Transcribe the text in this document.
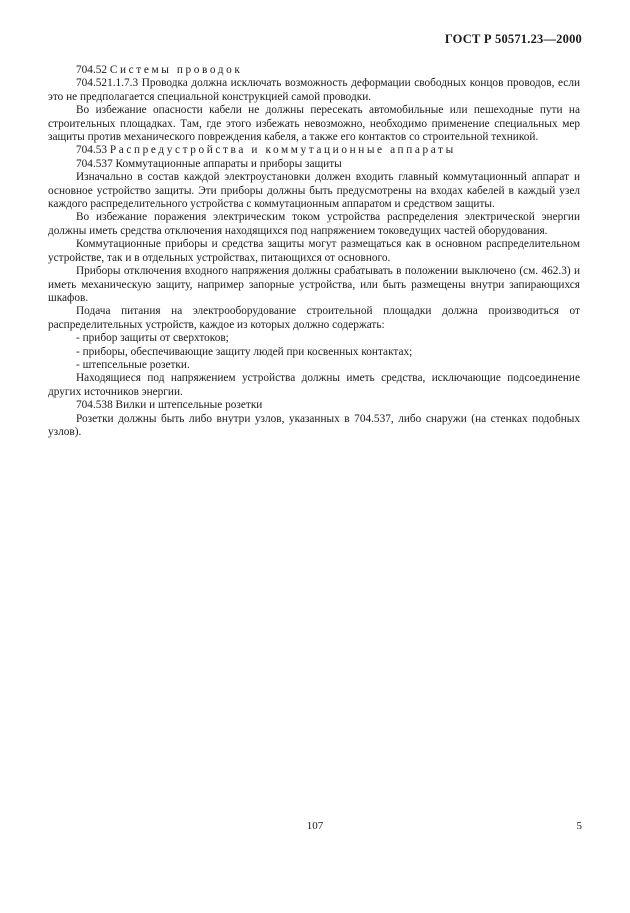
ГОСТ Р 50571.23—2000

704.52 Системы проводок

704.521.1.7.3 Проводка должна исключать возможность деформации свободных концов проводов, если это не предполагается специальной конструкцией самой проводки.

Во избежание опасности кабели не должны пересекать автомобильные или пешеходные пути на строительных площадках. Там, где этого избежать невозможно, необходимо применение специальных мер защиты против механического повреждения кабеля, а также его контактов со строительной техникой.

704.53 Распредустройства и коммутационные аппараты

704.537 Коммутационные аппараты и приборы защиты

Изначально в состав каждой электроустановки должен входить главный коммутационный аппарат и основное устройство защиты. Эти приборы должны быть предусмотрены на входах кабелей в каждый узел каждого распределительного устройства с коммутационным аппаратом и средством защиты.

Во избежание поражения электрическим током устройства распределения электрической энергии должны иметь средства отключения находящихся под напряжением токоведущих частей оборудования.

Коммутационные приборы и средства защиты могут размещаться как в основном распределительном устройстве, так и в отдельных устройствах, питающихся от основного.

Приборы отключения входного напряжения должны срабатывать в положении выключено (см. 462.3) и иметь механическую защиту, например запорные устройства, или быть размещены внутри запирающихся шкафов.

Подача питания на электрооборудование строительной площадки должна производиться от распределительных устройств, каждое из которых должно содержать:

- прибор защиты от сверхтоков;

- приборы, обеспечивающие защиту людей при косвенных контактах;

- штепсельные розетки.

Находящиеся под напряжением устройства должны иметь средства, исключающие подсоединение других источников энергии.

704.538 Вилки и штепсельные розетки

Розетки должны быть либо внутри узлов, указанных в 704.537, либо снаружи (на стенках подобных узлов).

107	5
